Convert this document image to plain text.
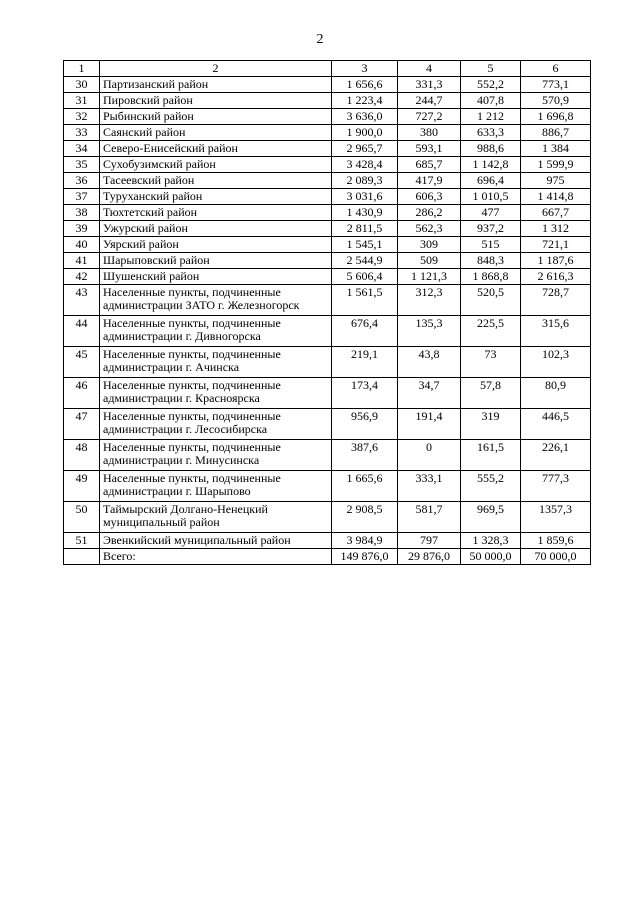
2
1	2	3	4	5	6
30	Партизанский район	1 656,6	331,3	552,2	773,1
31	Пировский район	1 223,4	244,7	407,8	570,9
32	Рыбинский район	3 636,0	727,2	1 212	1 696,8
33	Саянский район	1 900,0	380	633,3	886,7
34	Северо-Енисейский район	2 965,7	593,1	988,6	1 384
35	Сухобузимский район	3 428,4	685,7	1 142,8	1 599,9
36	Тасеевский район	2 089,3	417,9	696,4	975
37	Туруханский район	3 031,6	606,3	1 010,5	1 414,8
38	Тюхтетский район	1 430,9	286,2	477	667,7
39	Ужурский район	2 811,5	562,3	937,2	1 312
40	Уярский район	1 545,1	309	515	721,1
41	Шарыповский район	2 544,9	509	848,3	1 187,6
42	Шушенский район	5 606,4	1 121,3	1 868,8	2 616,3
43	Населенные пункты, подчиненные администрации ЗАТО г. Железногорск	1 561,5	312,3	520,5	728,7
44	Населенные пункты, подчиненные администрации г. Дивногорска	676,4	135,3	225,5	315,6
45	Населенные пункты, подчиненные администрации г. Ачинска	219,1	43,8	73	102,3
46	Населенные пункты, подчиненные администрации г. Красноярска	173,4	34,7	57,8	80,9
47	Населенные пункты, подчиненные администрации г. Лесосибирска	956,9	191,4	319	446,5
48	Населенные пункты, подчиненные администрации г. Минусинска	387,6	0	161,5	226,1
49	Населенные пункты, подчиненные администрации г. Шарыпово	1 665,6	333,1	555,2	777,3
50	Таймырский Долгано-Ненецкий муниципальный район	2 908,5	581,7	969,5	1357,3
51	Эвенкийский муниципальный район	3 984,9	797	1 328,3	1 859,6
	Всего:	149 876,0	29 876,0	50 000,0	70 000,0
